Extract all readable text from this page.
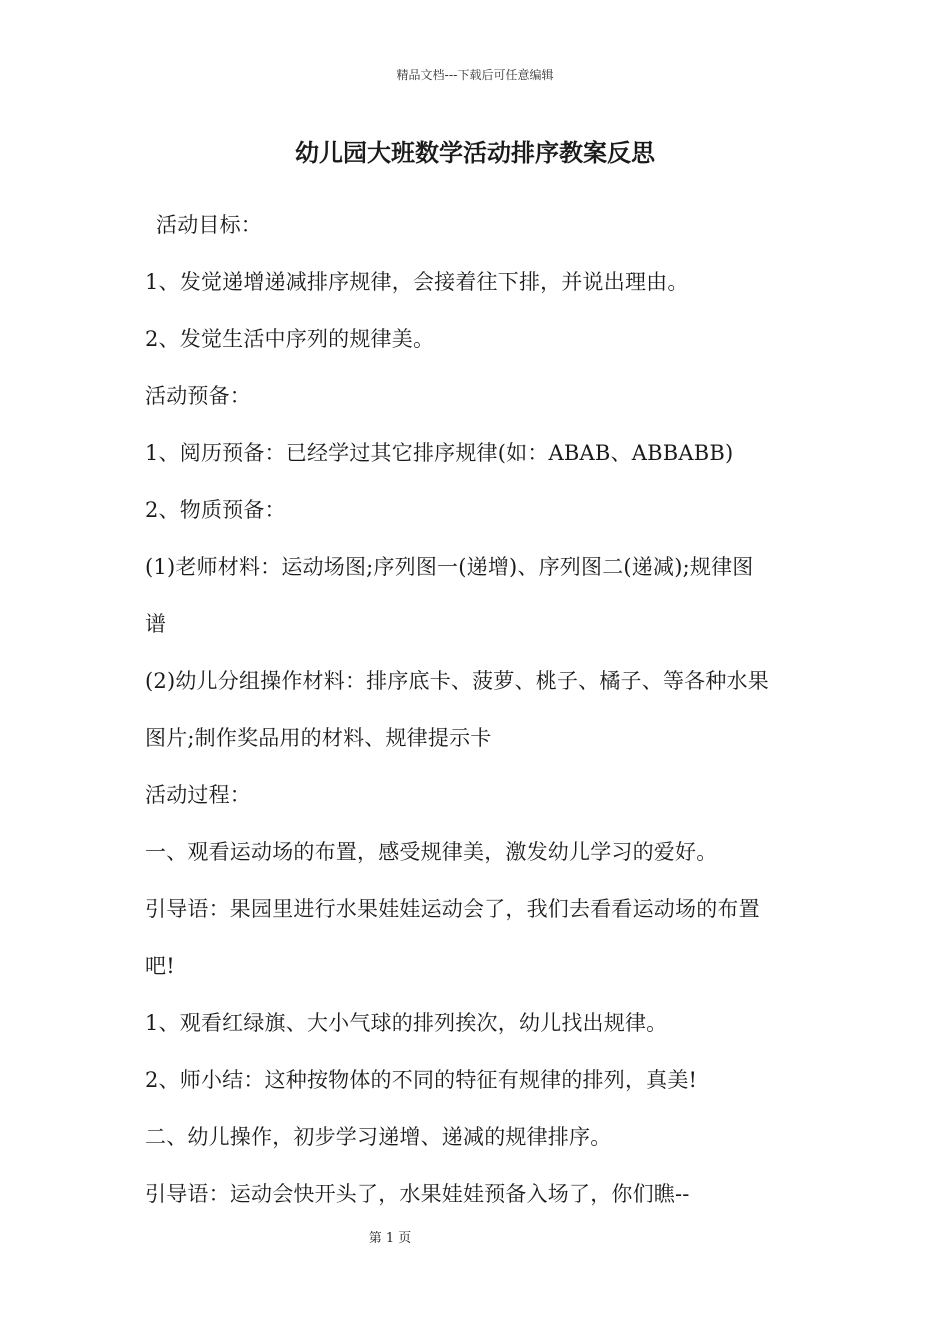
精品文档---下载后可任意编辑
幼儿园大班数学活动排序教案反思
活动目标：
1、发觉递增递减排序规律，会接着往下排，并说出理由。
2、发觉生活中序列的规律美。
活动预备：
1、阅历预备：已经学过其它排序规律(如：ABAB、ABBABB)
2、物质预备：
(1)老师材料：运动场图;序列图一(递增)、序列图二(递减);规律图
谱
(2)幼儿分组操作材料：排序底卡、菠萝、桃子、橘子、等各种水果
图片;制作奖品用的材料、规律提示卡
活动过程：
一、观看运动场的布置，感受规律美，激发幼儿学习的爱好。
引导语：果园里进行水果娃娃运动会了，我们去看看运动场的布置
吧!
1、观看红绿旗、大小气球的排列挨次，幼儿找出规律。
2、师小结：这种按物体的不同的特征有规律的排列，真美!
二、幼儿操作，初步学习递增、递减的规律排序。
引导语：运动会快开头了，水果娃娃预备入场了，你们瞧--
第 1 页
